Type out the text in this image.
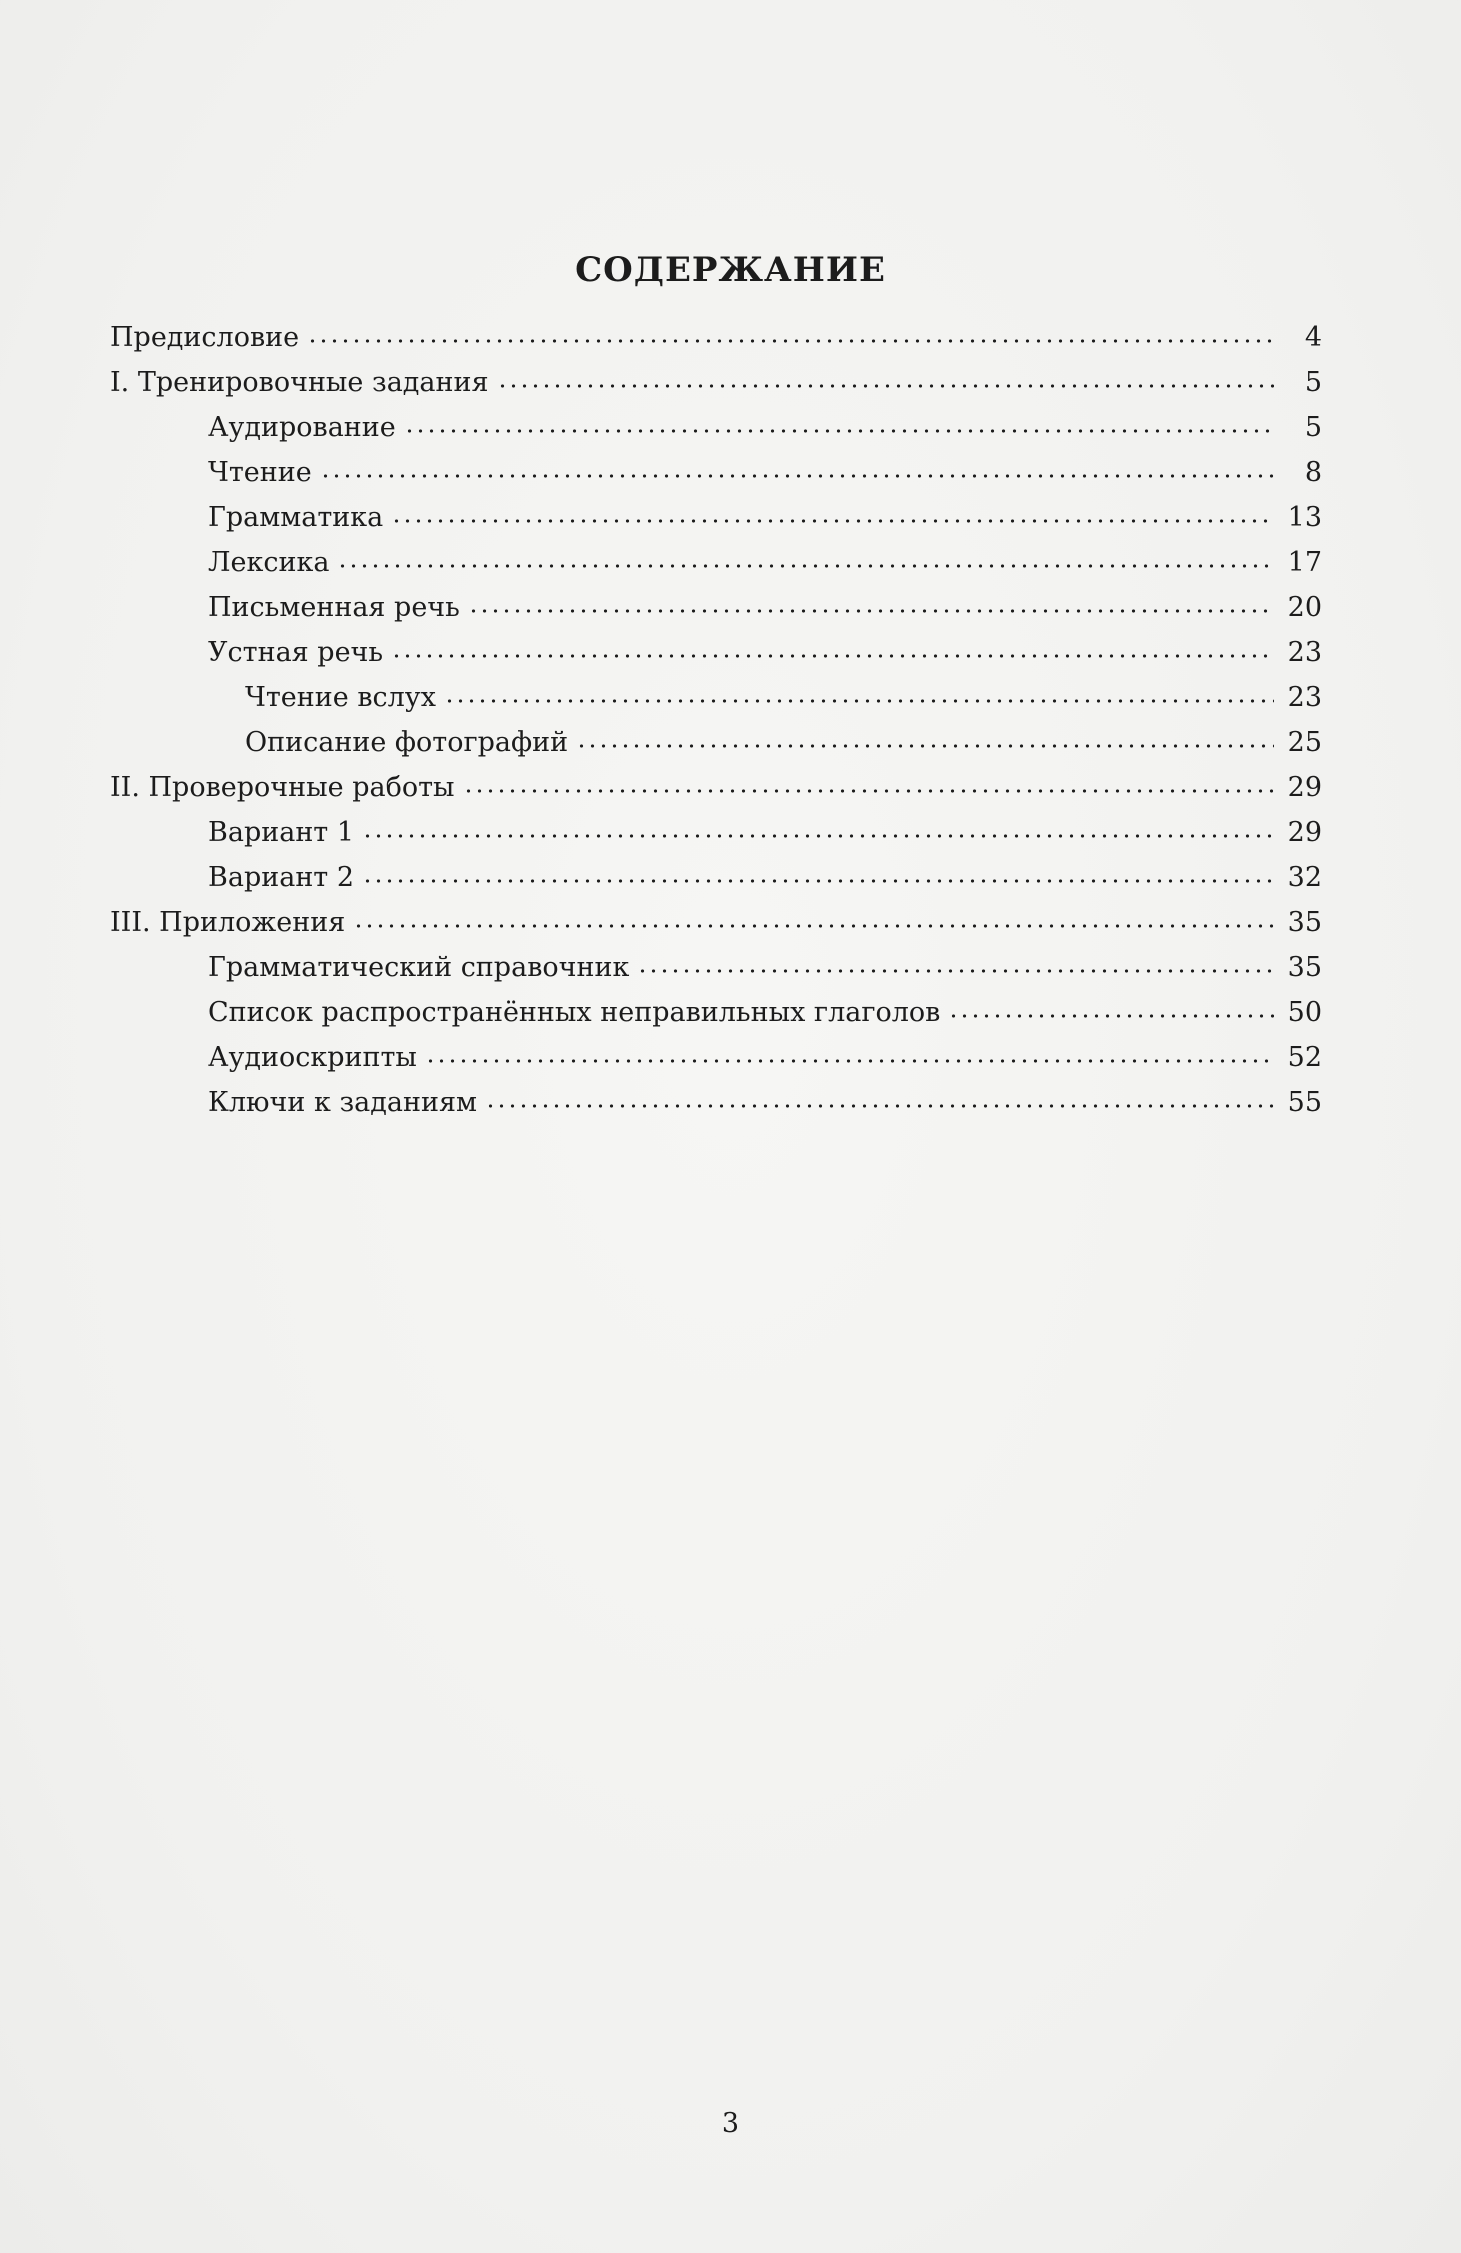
СОДЕРЖАНИЕ
Предисловие	4
I. Тренировочные задания	5
Аудирование	5
Чтение	8
Грамматика	13
Лексика	17
Письменная речь	20
Устная речь	23
Чтение вслух	23
Описание фотографий	25
II. Проверочные работы	29
Вариант 1	29
Вариант 2	32
III. Приложения	35
Грамматический справочник	35
Список распространённых неправильных глаголов	50
Аудиоскрипты	52
Ключи к заданиям	55
3
